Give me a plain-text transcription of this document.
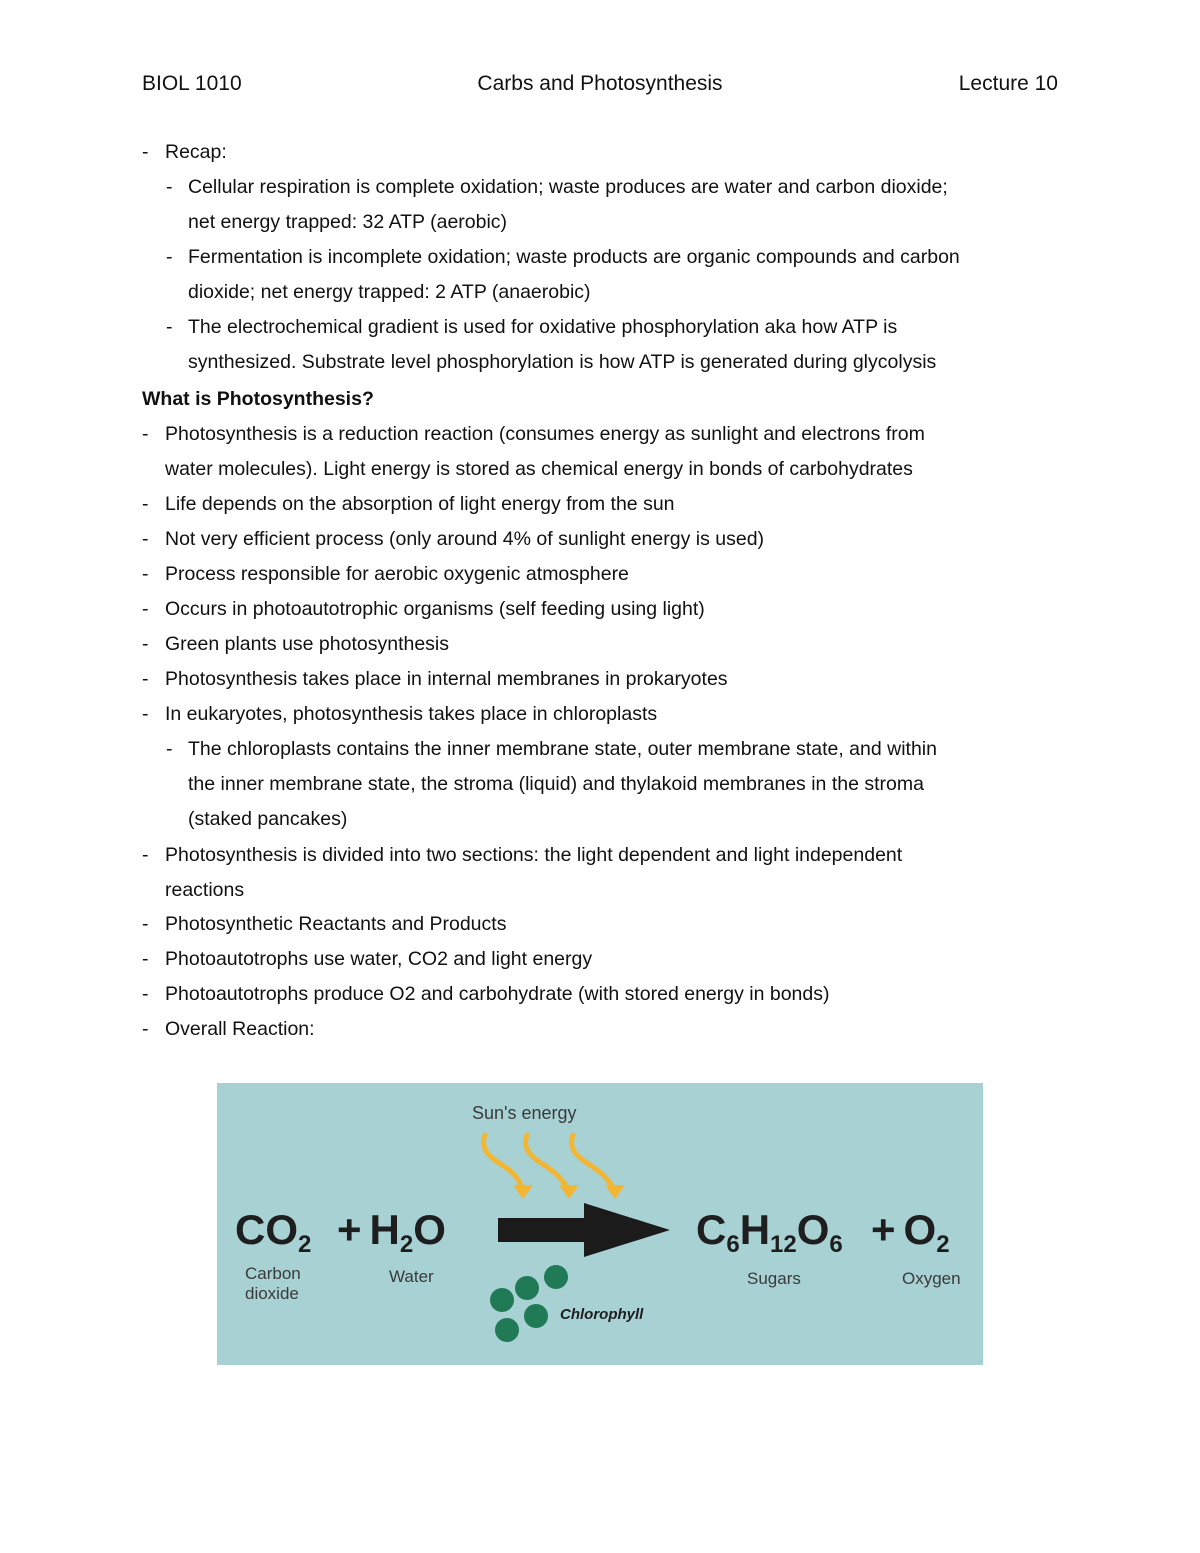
BIOL 1010	Carbs and Photosynthesis	Lecture 10
- Recap:
- Cellular respiration is complete oxidation; waste produces are water and carbon dioxide;
net energy trapped: 32 ATP (aerobic)
- Fermentation is incomplete oxidation; waste products are organic compounds and carbon
dioxide; net energy trapped: 2 ATP (anaerobic)
- The electrochemical gradient is used for oxidative phosphorylation aka how ATP is
synthesized. Substrate level phosphorylation is how ATP is generated during glycolysis
What is Photosynthesis?
- Photosynthesis is a reduction reaction (consumes energy as sunlight and electrons from
water molecules). Light energy is stored as chemical energy in bonds of carbohydrates
- Life depends on the absorption of light energy from the sun
- Not very efficient process (only around 4% of sunlight energy is used)
- Process responsible for aerobic oxygenic atmosphere
- Occurs in photoautotrophic organisms (self feeding using light)
- Green plants use photosynthesis
- Photosynthesis takes place in internal membranes in prokaryotes
- In eukaryotes, photosynthesis takes place in chloroplasts
- The chloroplasts contains the inner membrane state, outer membrane state, and within
the inner membrane state, the stroma (liquid) and thylakoid membranes in the stroma
(staked pancakes)
- Photosynthesis is divided into two sections: the light dependent and light independent
reactions
- Photosynthetic Reactants and Products
- Photoautotrophs use water, CO2 and light energy
- Photoautotrophs produce O2 and carbohydrate (with stored energy in bonds)
- Overall Reaction:
Sun's energy
CO2
Carbon
dioxide
+ H2O
Water
C6H12O6
Sugars
+ O2
Oxygen
Chlorophyll
